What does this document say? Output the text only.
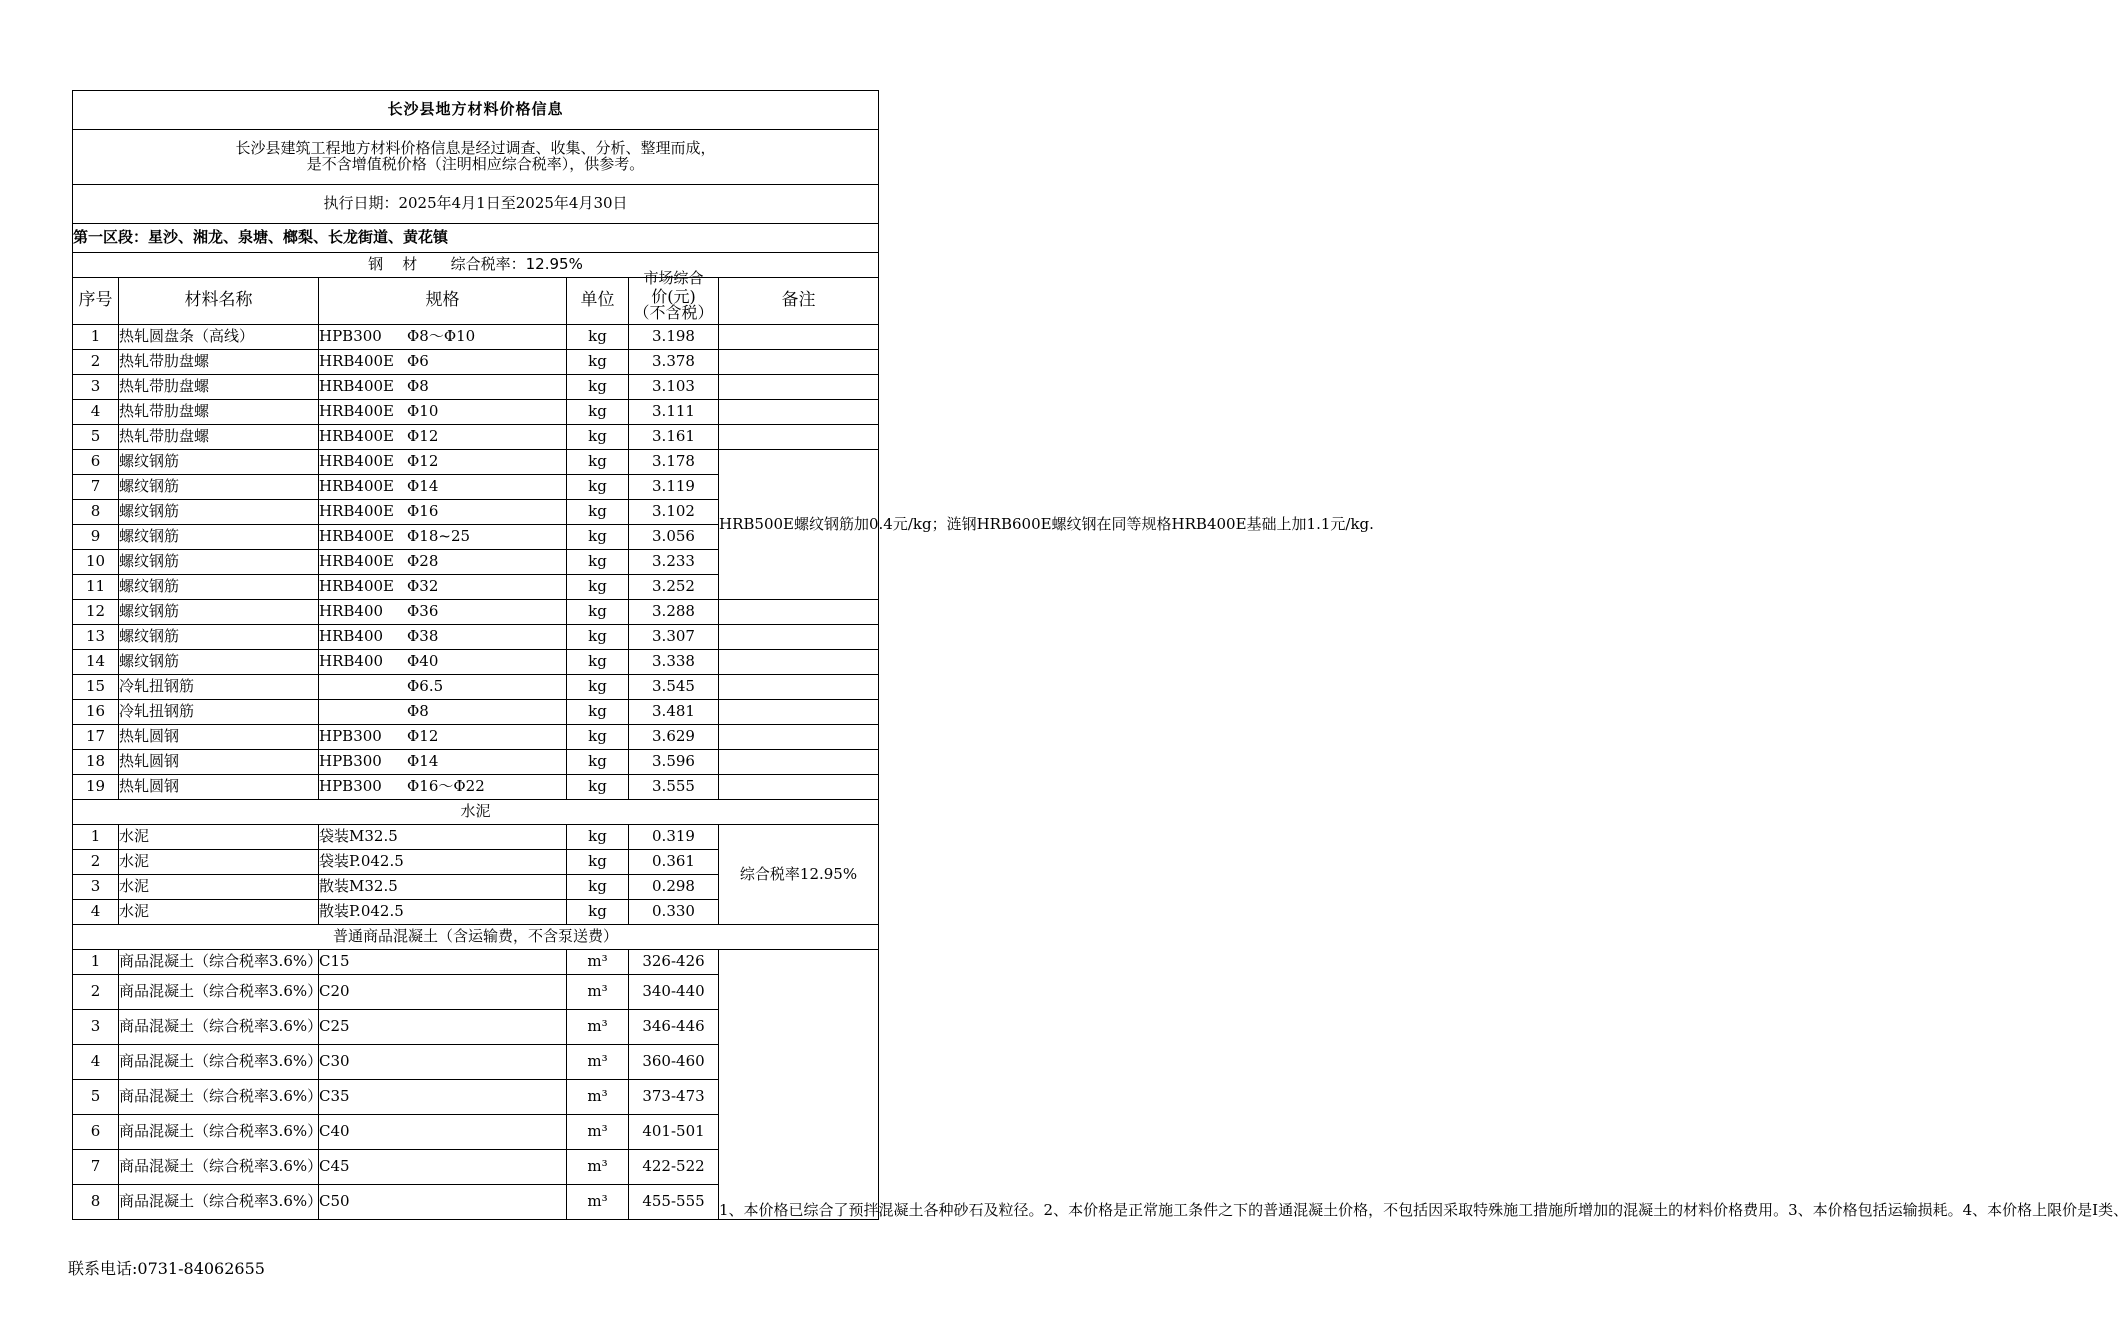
长沙县地方材料价格信息					

长沙县建筑工程地方材料价格信息是经过调查、收集、分析、整理而成，
是不含增值税价格（注明相应综合税率），供参考。					

执行日期：2025年4月1日至2025年4月30日					
第一区段：星沙、湘龙、泉塘、榔梨、长龙街道、黄花镇					
钢    材       综合税率：12.95%					
序号	材料名称	规格	单位	市场综合
价(元)
（不含税）	备注
1	热轧圆盘条（高线）	HPB300 Φ8～Φ10	kg	3.198	
2	热轧带肋盘螺	HRB400E Φ6	kg	3.378	
3	热轧带肋盘螺	HRB400E Φ8	kg	3.103	
4	热轧带肋盘螺	HRB400E Φ10	kg	3.111	
5	热轧带肋盘螺	HRB400E Φ12	kg	3.161	
6	螺纹钢筋	HRB400E Φ12	kg	3.178	HRB500E螺纹钢筋加0.4元/kg；涟钢HRB600E螺纹钢在同等规格HRB400E基础上加1.1元/kg.
7	螺纹钢筋	HRB400E Φ14	kg	3.119	
8	螺纹钢筋	HRB400E Φ16	kg	3.102	
9	螺纹钢筋	HRB400E Φ18~25	kg	3.056	
10	螺纹钢筋	HRB400E Φ28	kg	3.233	
11	螺纹钢筋	HRB400E Φ32	kg	3.252	
12	螺纹钢筋	HRB400 Φ36	kg	3.288	
13	螺纹钢筋	HRB400 Φ38	kg	3.307	
14	螺纹钢筋	HRB400 Φ40	kg	3.338	
15	冷轧扭钢筋	Φ6.5	kg	3.545	
16	冷轧扭钢筋	Φ8	kg	3.481	
17	热轧圆钢	HPB300 Φ12	kg	3.629	
18	热轧圆钢	HPB300 Φ14	kg	3.596	
19	热轧圆钢	HPB300 Φ16～Φ22	kg	3.555	
水泥					
1	水泥	袋装M32.5	kg	0.319	综合税率12.95%
2	水泥	袋装P.042.5	kg	0.361	
3	水泥	散装M32.5	kg	0.298	
4	水泥	散装P.042.5	kg	0.330	
普通商品混凝土（含运输费，不含泵送费）					
1	商品混凝土（综合税率3.6%）	C15	m³	326-426	1、本价格已综合了预拌混凝土各种砂石及粒径。2、本价格是正常施工条件之下的普通混凝土价格，不包括因采取特殊施工措施所增加的混凝土的材料价格费用。3、本价格包括运输损耗。4、本价格上限价是Ⅰ类、

2	商品混凝土（综合税率3.6%）	C20	m³	340-440	
3	商品混凝土（综合税率3.6%）	C25	m³	346-446	
4	商品混凝土（综合税率3.6%）	C30	m³	360-460	
5	商品混凝土（综合税率3.6%）	C35	m³	373-473	
6	商品混凝土（综合税率3.6%）	C40	m³	401-501	
7	商品混凝土（综合税率3.6%）	C45	m³	422-522	
8	商品混凝土（综合税率3.6%）	C50	m³	455-555	
联系电话:0731-84062655
